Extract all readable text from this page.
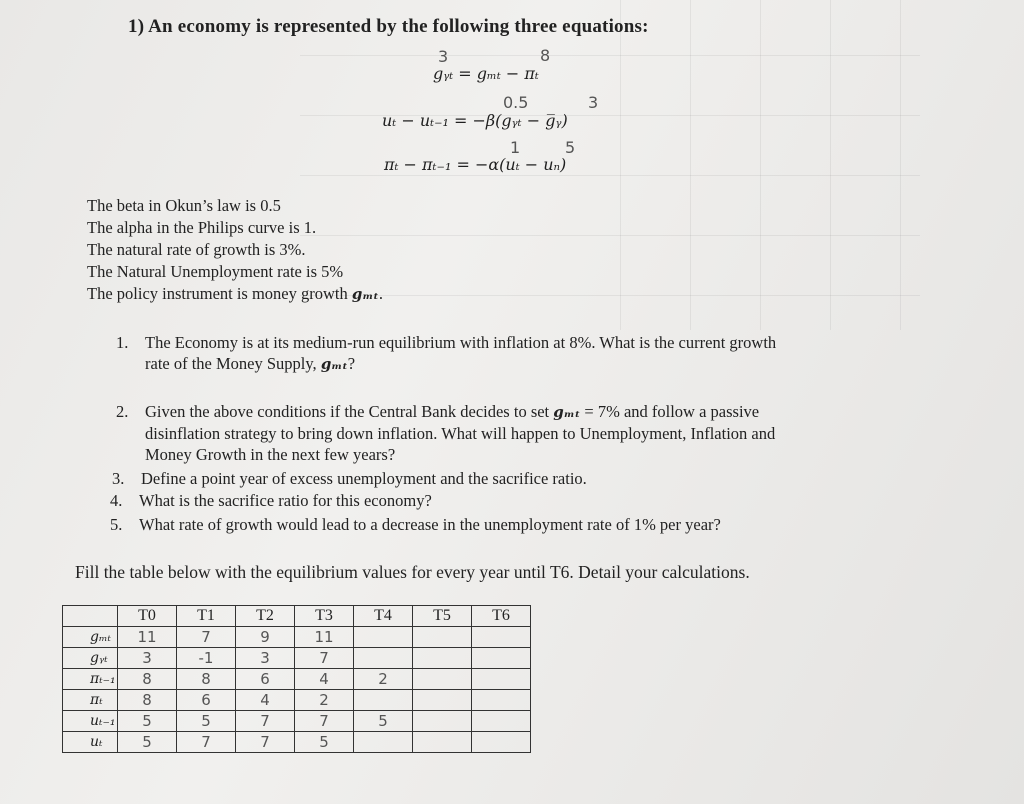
1) An economy is represented by the following three equations:
gᵧₜ = gₘₜ − πₜ
3	8
uₜ − uₜ₋₁ = −β(gᵧₜ − g̅ᵧ)
0.5	3
πₜ − πₜ₋₁ = −α(uₜ − uₙ)
1	5
The beta in Okun’s law is 0.5
The alpha in the Philips curve is 1.
The natural rate of growth is 3%.
The Natural Unemployment rate is 5%
The policy instrument is money growth gₘₜ.
1. The Economy is at its medium-run equilibrium with inflation at 8%. What is the current growth
rate of the Money Supply, gₘₜ?
2. Given the above conditions if the Central Bank decides to set gₘₜ = 7% and follow a passive
disinflation strategy to bring down inflation. What will happen to Unemployment, Inflation and
Money Growth in the next few years?
3. Define a point year of excess unemployment and the sacrifice ratio.
4. What is the sacrifice ratio for this economy?
5. What rate of growth would lead to a decrease in the unemployment rate of 1% per year?
Fill the table below with the equilibrium values for every year until T6. Detail your calculations.
	T0	T1	T2	T3	T4	T5	T6
gₘₜ	11	7	9	11			
gᵧₜ	3	-1	3	7			
πₜ₋₁	8	8	6	4	2		
πₜ	8	6	4	2			
uₜ₋₁	5	5	7	7	5		
uₜ	5	7	7	5			
